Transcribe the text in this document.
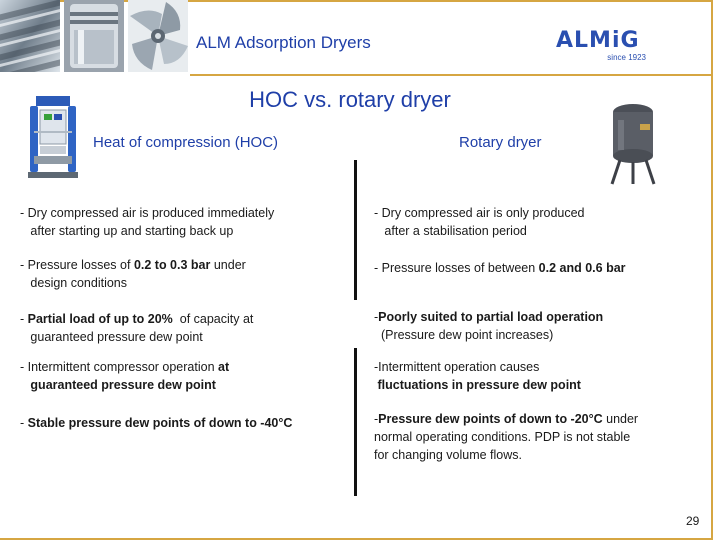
ALM Adsorption Dryers	ALMiG
since 1923
HOC vs. rotary dryer
Heat of compression (HOC)	Rotary dryer
- Dry compressed air is produced immediately
after starting up and starting back up
- Dry compressed air is only produced
after a stabilisation period
- Pressure losses of 0.2 to 0.3 bar under
design conditions
- Pressure losses of between 0.2 and 0.6 bar
- Partial load of up to 20%  of capacity at
guaranteed pressure dew point
-Poorly suited to partial load operation
(Pressure dew point increases)
- Intermittent compressor operation at
guaranteed pressure dew point
-Intermittent operation causes
fluctuations in pressure dew point
- Stable pressure dew points of down to -40°C	-Pressure dew points of down to -20°C under
normal operating conditions. PDP is not stable
for changing volume flows.
29
